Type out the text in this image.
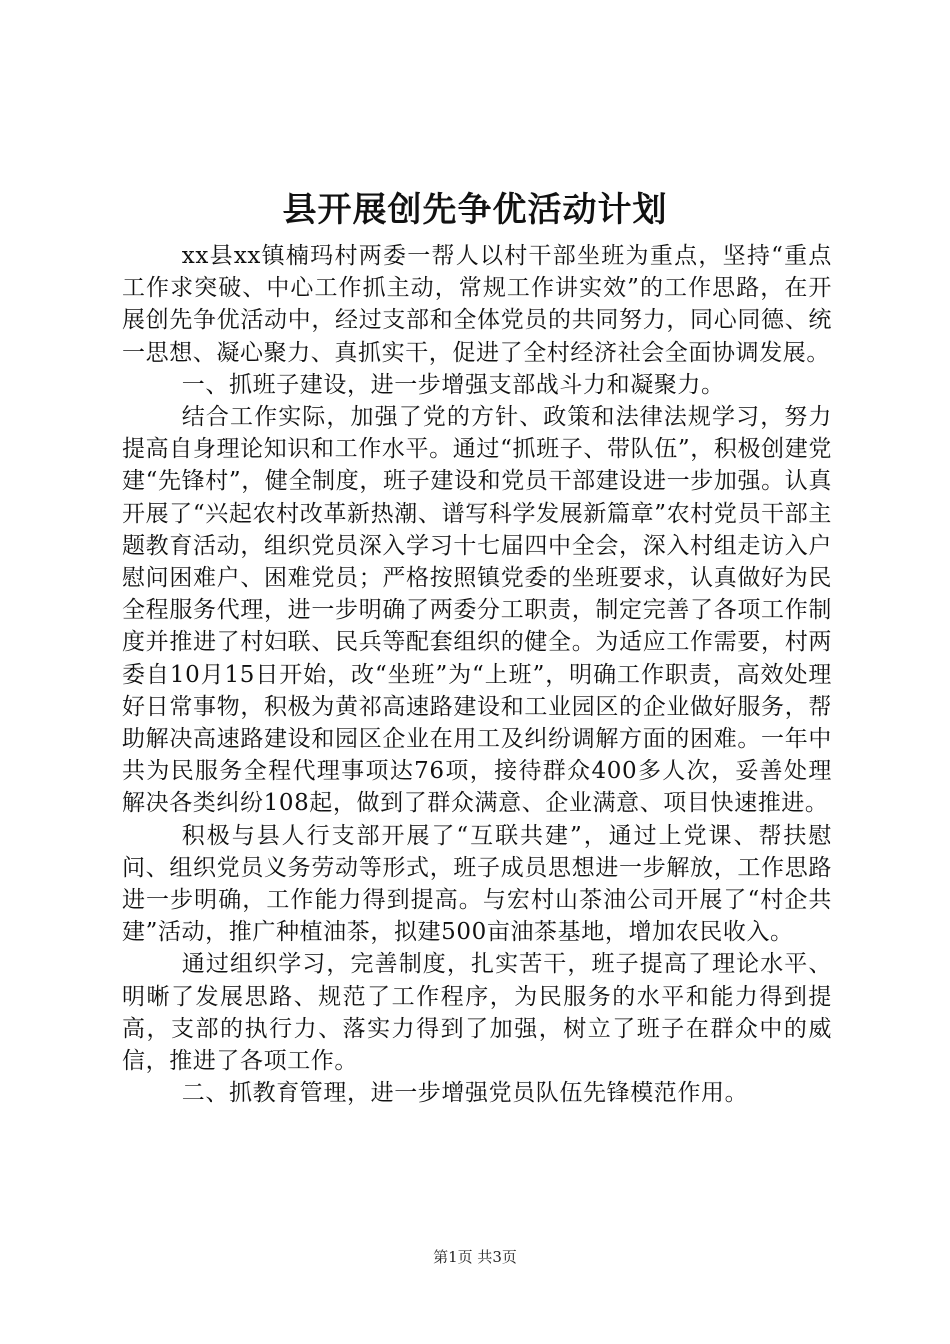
县开展创先争优活动计划

xx县xx镇楠玛村两委一帮人以村干部坐班为重点，坚持“重点工作求突破、中心工作抓主动，常规工作讲实效”的工作思路，在开展创先争优活动中，经过支部和全体党员的共同努力，同心同德、统一思想、凝心聚力、真抓实干，促进了全村经济社会全面协调发展。

一、抓班子建设，进一步增强支部战斗力和凝聚力。

结合工作实际，加强了党的方针、政策和法律法规学习，努力提高自身理论知识和工作水平。通过“抓班子、带队伍”，积极创建党建“先锋村”，健全制度，班子建设和党员干部建设进一步加强。认真开展了“兴起农村改革新热潮、谱写科学发展新篇章”农村党员干部主题教育活动，组织党员深入学习十七届四中全会，深入村组走访入户慰问困难户、困难党员；严格按照镇党委的坐班要求，认真做好为民全程服务代理，进一步明确了两委分工职责，制定完善了各项工作制度并推进了村妇联、民兵等配套组织的健全。为适应工作需要，村两委自10月15日开始，改“坐班”为“上班”，明确工作职责，高效处理好日常事物，积极为黄祁高速路建设和工业园区的企业做好服务，帮助解决高速路建设和园区企业在用工及纠纷调解方面的困难。一年中共为民服务全程代理事项达76项，接待群众400多人次，妥善处理解决各类纠纷108起，做到了群众满意、企业满意、项目快速推进。

积极与县人行支部开展了“互联共建”，通过上党课、帮扶慰问、组织党员义务劳动等形式，班子成员思想进一步解放，工作思路进一步明确，工作能力得到提高。与宏村山茶油公司开展了“村企共建”活动，推广种植油茶，拟建500亩油茶基地，增加农民收入。

通过组织学习，完善制度，扎实苦干，班子提高了理论水平、明晰了发展思路、规范了工作程序，为民服务的水平和能力得到提高，支部的执行力、落实力得到了加强，树立了班子在群众中的威信，推进了各项工作。

二、抓教育管理，进一步增强党员队伍先锋模范作用。

第1页 共3页
